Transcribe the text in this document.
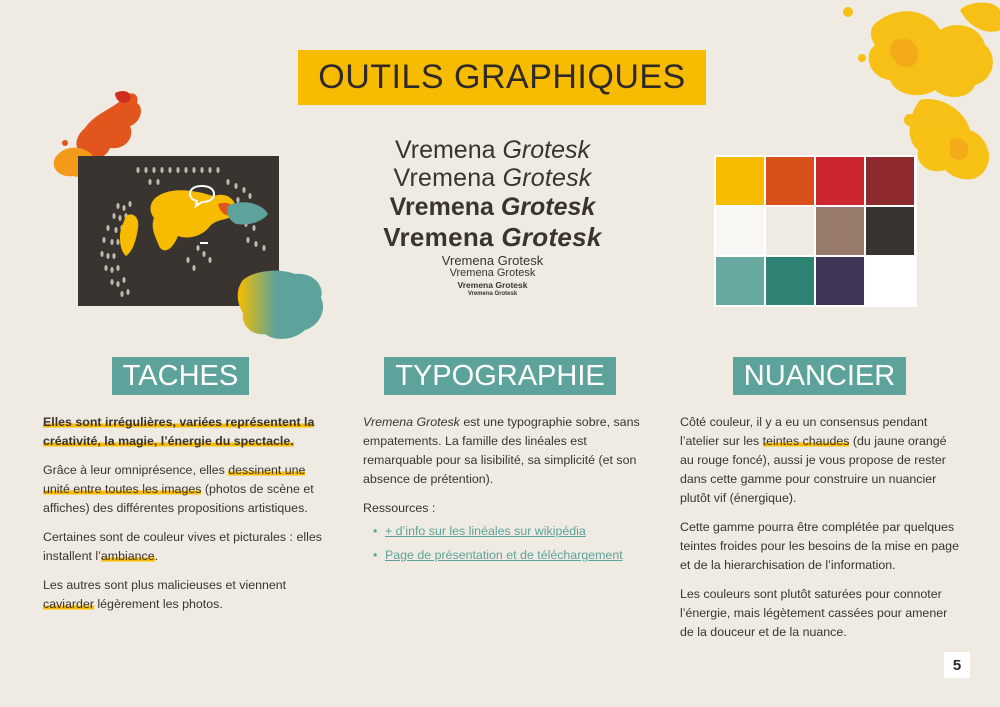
OUTILS GRAPHIQUES
Vremena Grotesk
Vremena Grotesk
Vremena Grotesk
Vremena Grotesk
Vremena Grotesk
Vremena Grotesk
Vremena Grotesk
Vremena Grotesk
TACHES	TYPOGRAPHIE	NUANCIER

Elles sont irrégulières, variées représentent la créativité, la magie, l’énergie du spectacle.

Grâce à leur omniprésence, elles dessinent une unité entre toutes les images (photos de scène et affiches) des différentes propositions artistiques.

Certaines sont de couleur vives et picturales : elles installent l’ambiance.

Les autres sont plus malicieuses et viennent caviarder légèrement les photos.

Vremena Grotesk est une typographie sobre, sans empatements. La famille des linéales est remarquable pour sa lisibilité, sa simplicité (et son absence de prétention).

Ressources :

• + d’info sur les linéales sur wikipédia
• Page de présentation et de téléchargement

Côté couleur, il y a eu un consensus pendant l’atelier sur les teintes chaudes (du jaune orangé au rouge foncé), aussi je vous propose de rester dans cette gamme pour construire un nuancier plutôt vif (énergique).

Cette gamme pourra être complétée par quelques teintes froides pour les besoins de la mise en page et de la hierarchisation de l’information.

Les couleurs sont plutôt saturées pour connoter l’énergie, mais légètement cassées pour amener de la douceur et de la nuance.

5
